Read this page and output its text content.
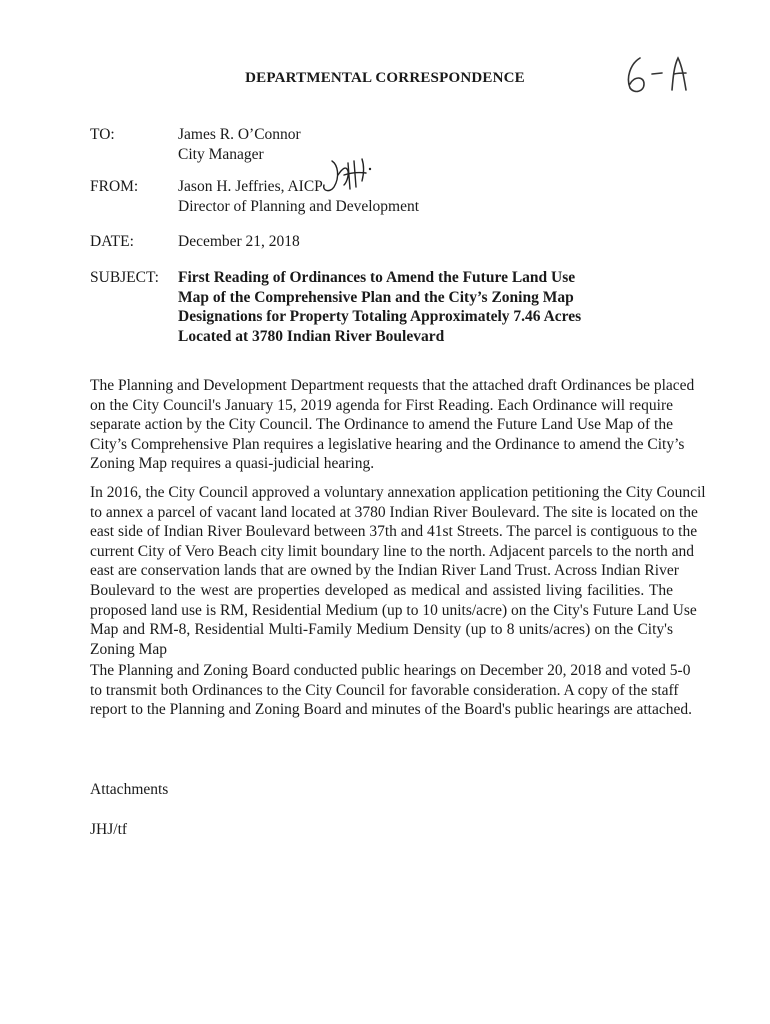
DEPARTMENTAL CORRESPONDENCE
TO:	James R. O’Connor
City Manager
FROM:	Jason H. Jeffries, AICP
Director of Planning and Development
DATE:	December 21, 2018
SUBJECT:	First Reading of Ordinances to Amend the Future Land Use
Map of the Comprehensive Plan and the City’s Zoning Map
Designations for Property Totaling Approximately 7.46 Acres
Located at 3780 Indian River Boulevard
The Planning and Development Department requests that the attached draft Ordinances be placed
on the City Council's January 15, 2019 agenda for First Reading. Each Ordinance will require
separate action by the City Council. The Ordinance to amend the Future Land Use Map of the
City’s Comprehensive Plan requires a legislative hearing and the Ordinance to amend the City’s
Zoning Map requires a quasi-judicial hearing.
In 2016, the City Council approved a voluntary annexation application petitioning the City Council
to annex a parcel of vacant land located at 3780 Indian River Boulevard. The site is located on the
east side of Indian River Boulevard between 37th and 41st Streets. The parcel is contiguous to the
current City of Vero Beach city limit boundary line to the north. Adjacent parcels to the north and
east are conservation lands that are owned by the Indian River Land Trust. Across Indian River
Boulevard to the west are properties developed as medical and assisted living facilities. The
proposed land use is RM, Residential Medium (up to 10 units/acre) on the City's Future Land Use
Map and RM-8, Residential Multi-Family Medium Density (up to 8 units/acres) on the City's
Zoning Map
The Planning and Zoning Board conducted public hearings on December 20, 2018 and voted 5-0
to transmit both Ordinances to the City Council for favorable consideration. A copy of the staff
report to the Planning and Zoning Board and minutes of the Board's public hearings are attached.
Attachments
JHJ/tf
